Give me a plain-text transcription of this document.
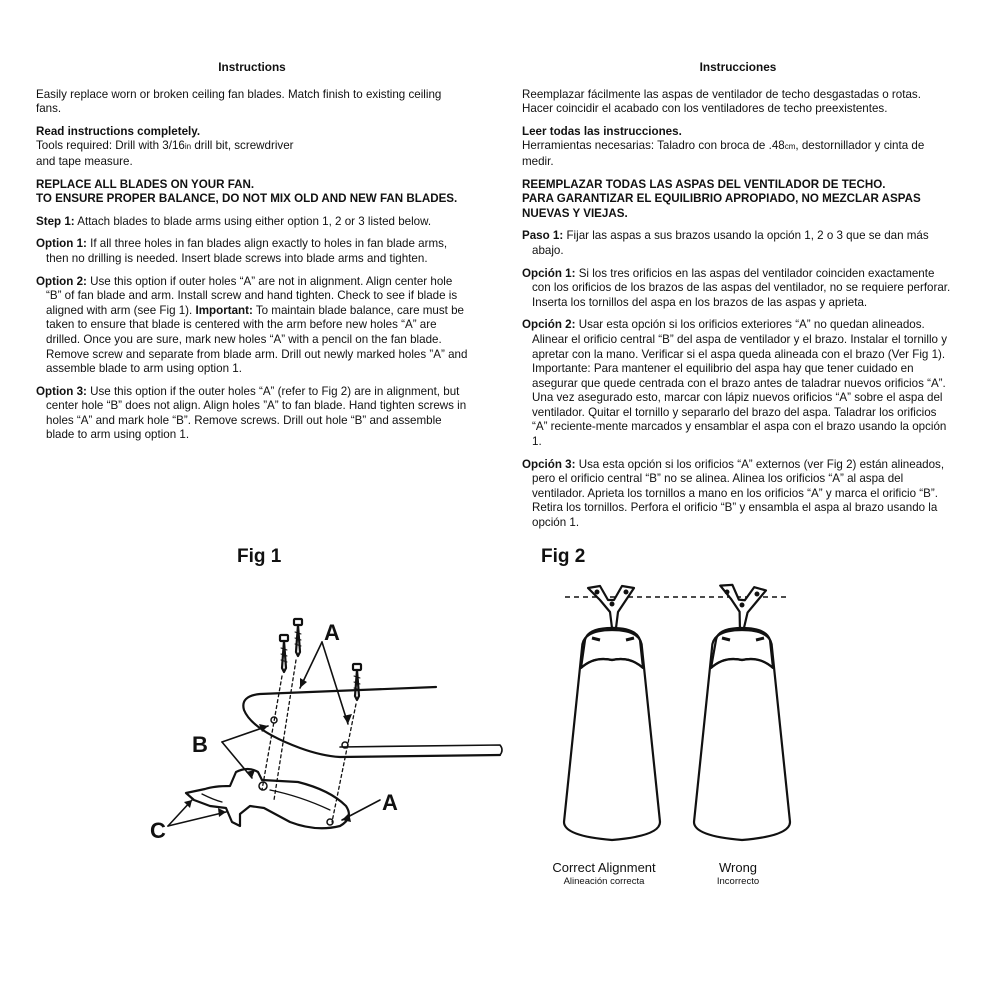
Instructions
Easily replace worn or broken ceiling fan blades. Match finish to existing ceiling fans.
Read instructions completely.
Tools required: Drill with 3/16in drill bit, screwdriver
and tape measure.
REPLACE ALL BLADES ON YOUR FAN.
TO ENSURE PROPER BALANCE, DO NOT MIX OLD AND NEW FAN BLADES.
Step 1: Attach blades to blade arms using either option 1, 2 or 3 listed below.
Option 1: If all three holes in fan blades align exactly to holes in fan blade arms, then no drilling is needed. Insert blade screws into blade arms and tighten.
Option 2: Use this option if outer holes “A” are not in alignment. Align center hole “B” of fan blade and arm. Install screw and hand tighten. Check to see if blade is aligned with arm (see Fig 1). Important: To maintain blade balance, care must be taken to ensure that blade is centered with the arm before new holes “A” are drilled. Once you are sure, mark new holes “A” with a pencil on the fan blade. Remove screw and separate from blade arm. Drill out newly marked holes ”A” and assemble blade to arm using option 1.
Option 3: Use this option if the outer holes “A” (refer to Fig 2) are in alignment, but center hole “B” does not align. Align holes ”A” to fan blade. Hand tighten screws in holes “A” and mark hole “B”. Remove screws. Drill out hole “B” and assemble blade to arm using option 1.
Instrucciones
Reemplazar fácilmente las aspas de ventilador de techo desgastadas o rotas. Hacer coincidir el acabado con los ventiladores de techo preexistentes.
Leer todas las instrucciones.
Herramientas necesarias: Taladro con broca de .48cm, destornillador y cinta de medir.
REEMPLAZAR TODAS LAS ASPAS DEL VENTILADOR DE TECHO.
PARA GARANTIZAR EL EQUILIBRIO APROPIADO, NO MEZCLAR ASPAS NUEVAS Y VIEJAS.
Paso 1: Fijar las aspas a sus brazos usando la opción 1, 2 o 3 que se dan más abajo.
Opción 1: Si los tres orificios en las aspas del ventilador coinciden exactamente con los orificios de los brazos de las aspas del ventilador, no se requiere perforar. Inserta los tornillos del aspa en los brazos de las aspas y aprieta.
Opción 2: Usar esta opción si los orificios exteriores “A” no quedan alineados. Alinear el orificio central “B” del aspa de ventilador y el brazo. Instalar el tornillo y apretar con la mano. Verificar si el aspa queda alineada con el brazo (Ver Fig 1). Importante: Para mantener el equilibrio del aspa hay que tener cuidado en asegurar que quede centrada con el brazo antes de taladrar nuevos orificios “A”. Una vez asegurado esto, marcar con lápiz nuevos orificios “A” sobre el aspa del ventilador. Quitar el tornillo y separarlo del brazo del aspa. Taladrar los orificios “A” reciente-mente marcados y ensamblar el aspa con el brazo usando la opción 1.
Opción 3: Usa esta opción si los orificios “A” externos (ver Fig 2) están alineados, pero el orificio central “B” no se alinea. Alinea los orificios “A” al aspa del ventilador. Aprieta los tornillos a mano en los orificios “A” y marca el orificio “B”. Retira los tornillos. Perfora el orificio “B” y ensambla el aspa al brazo usando la opción 1.
Fig 1	Fig 2
A
A
B
C
Correct Alignment	Wrong
Alineación correcta	Incorrecto
